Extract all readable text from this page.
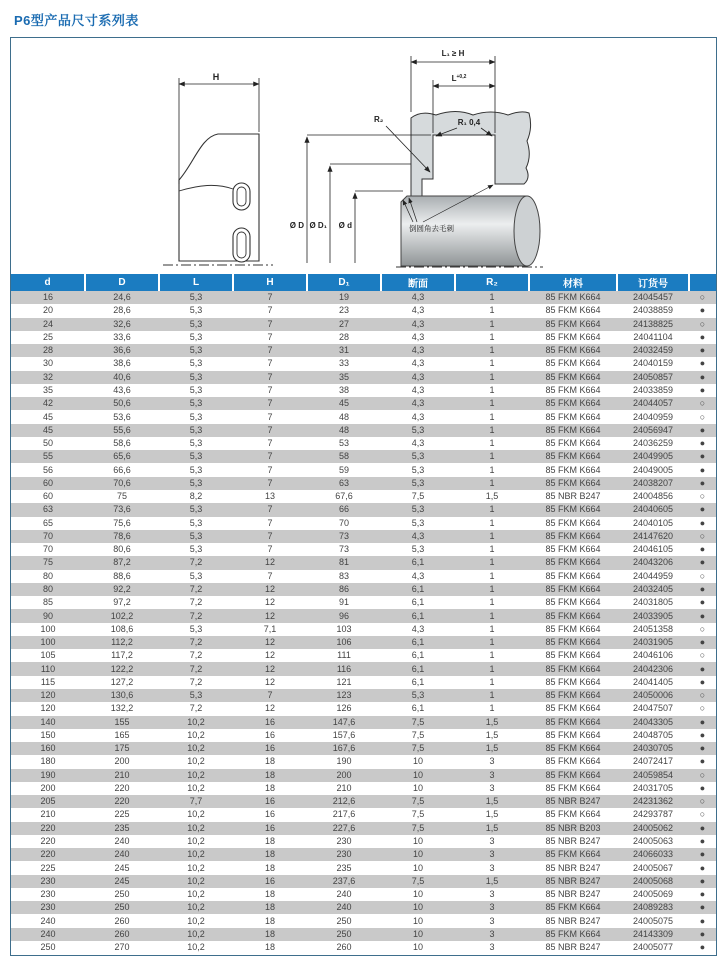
P6型产品尺寸系列表
H
L₁ ≥ H
$L^{+0,2}$
R₂	R₁ 0,4
Ø D Ø D₁ Ø d	倒圆角去毛刺
d	D	L	H	D₁	断面	R₂	材料	订货号	
16	24,6	5,3	7	19	4,3	1	85 FKM K664	24045457	○
20	28,6	5,3	7	23	4,3	1	85 FKM K664	24038859	●
24	32,6	5,3	7	27	4,3	1	85 FKM K664	24138825	○
25	33,6	5,3	7	28	4,3	1	85 FKM K664	24041104	●
28	36,6	5,3	7	31	4,3	1	85 FKM K664	24032459	●
30	38,6	5,3	7	33	4,3	1	85 FKM K664	24040159	●
32	40,6	5,3	7	35	4,3	1	85 FKM K664	24050857	●
35	43,6	5,3	7	38	4,3	1	85 FKM K664	24033859	●
42	50,6	5,3	7	45	4,3	1	85 FKM K664	24044057	○
45	53,6	5,3	7	48	4,3	1	85 FKM K664	24040959	○
45	55,6	5,3	7	48	5,3	1	85 FKM K664	24056947	●
50	58,6	5,3	7	53	4,3	1	85 FKM K664	24036259	●
55	65,6	5,3	7	58	5,3	1	85 FKM K664	24049905	●
56	66,6	5,3	7	59	5,3	1	85 FKM K664	24049005	●
60	70,6	5,3	7	63	5,3	1	85 FKM K664	24038207	●
60	75	8,2	13	67,6	7,5	1,5	85 NBR B247	24004856	○
63	73,6	5,3	7	66	5,3	1	85 FKM K664	24040605	●
65	75,6	5,3	7	70	5,3	1	85 FKM K664	24040105	●
70	78,6	5,3	7	73	4,3	1	85 FKM K664	24147620	○
70	80,6	5,3	7	73	5,3	1	85 FKM K664	24046105	●
75	87,2	7,2	12	81	6,1	1	85 FKM K664	24043206	●
80	88,6	5,3	7	83	4,3	1	85 FKM K664	24044959	○
80	92,2	7,2	12	86	6,1	1	85 FKM K664	24032405	●
85	97,2	7,2	12	91	6,1	1	85 FKM K664	24031805	●
90	102,2	7,2	12	96	6,1	1	85 FKM K664	24033905	●
100	108,6	5,3	7,1	103	4,3	1	85 FKM K664	24051358	○
100	112,2	7,2	12	106	6,1	1	85 FKM K664	24031905	●
105	117,2	7,2	12	111	6,1	1	85 FKM K664	24046106	○
110	122,2	7,2	12	116	6,1	1	85 FKM K664	24042306	●
115	127,2	7,2	12	121	6,1	1	85 FKM K664	24041405	●
120	130,6	5,3	7	123	5,3	1	85 FKM K664	24050006	○
120	132,2	7,2	12	126	6,1	1	85 FKM K664	24047507	○
140	155	10,2	16	147,6	7,5	1,5	85 FKM K664	24043305	●
150	165	10,2	16	157,6	7,5	1,5	85 FKM K664	24048705	●
160	175	10,2	16	167,6	7,5	1,5	85 FKM K664	24030705	●
180	200	10,2	18	190	10	3	85 FKM K664	24072417	●
190	210	10,2	18	200	10	3	85 FKM K664	24059854	○
200	220	10,2	18	210	10	3	85 FKM K664	24031705	●
205	220	7,7	16	212,6	7,5	1,5	85 NBR B247	24231362	○
210	225	10,2	16	217,6	7,5	1,5	85 FKM K664	24293787	○
220	235	10,2	16	227,6	7,5	1,5	85 NBR B203	24005062	●
220	240	10,2	18	230	10	3	85 NBR B247	24005063	●
220	240	10,2	18	230	10	3	85 FKM K664	24066033	●
225	245	10,2	18	235	10	3	85 NBR B247	24005067	●
230	245	10,2	16	237,6	7,5	1,5	85 NBR B247	24005068	●
230	250	10,2	18	240	10	3	85 NBR B247	24005069	●
230	250	10,2	18	240	10	3	85 FKM K664	24089283	●
240	260	10,2	18	250	10	3	85 NBR B247	24005075	●
240	260	10,2	18	250	10	3	85 FKM K664	24143309	●
250	270	10,2	18	260	10	3	85 NBR B247	24005077	●
